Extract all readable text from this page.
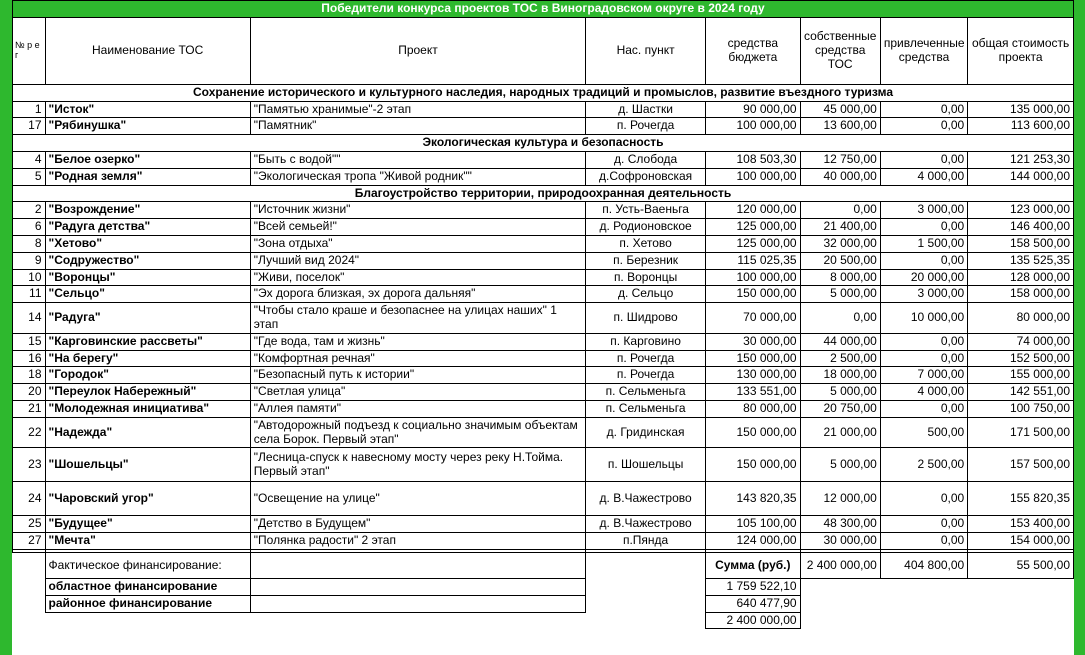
Победители конкурса проектов ТОС в Виноградовском округе в 2024 году							
№ р е г	Наименование ТОС	Проект	Нас. пункт	средства бюджета	собственные средства ТОС	привлеченные средства	общая стоимость проекта
Сохранение исторического и культурного наследия, народных традиций и промыслов, развитие въездного туризма							
1	"Исток"	"Памятью хранимые"-2 этап	д. Шастки	90 000,00	45 000,00	0,00	135 000,00
17	"Рябинушка"	"Памятник"	п. Рочегда	100 000,00	13 600,00	0,00	113 600,00
Экологическая культура и безопасность							
4	"Белое озерко"	"Быть с водой""	д. Слобода	108 503,30	12 750,00	0,00	121 253,30
5	"Родная земля"	"Экологическая тропа "Живой родник""	д.Софроновская	100 000,00	40 000,00	4 000,00	144 000,00
Благоустройство территории, природоохранная деятельность							
2	"Возрождение"	"Источник жизни"	п. Усть-Ваеньга	120 000,00	0,00	3 000,00	123 000,00
6	"Радуга детства"	"Всей семьей!"	д. Родионовское	125 000,00	21 400,00	0,00	146 400,00
8	"Хетово"	"Зона отдыха"	п. Хетово	125 000,00	32 000,00	1 500,00	158 500,00
9	"Содружество"	"Лучший вид 2024"	п. Березник	115 025,35	20 500,00	0,00	135 525,35
10	"Воронцы"	"Живи, поселок"	п. Воронцы	100 000,00	8 000,00	20 000,00	128 000,00
11	"Сельцо"	"Эх дорога близкая, эх дорога дальняя"	д. Сельцо	150 000,00	5 000,00	3 000,00	158 000,00
14	"Радуга"	"Чтобы стало краше и безопаснее на улицах наших" 1 этап	п. Шидрово	70 000,00	0,00	10 000,00	80 000,00
15	"Карговинские рассветы"	"Где вода, там и жизнь"	п. Карговино	30 000,00	44 000,00	0,00	74 000,00
16	"На берегу"	"Комфортная речная"	п. Рочегда	150 000,00	2 500,00	0,00	152 500,00
18	"Городок"	"Безопасный путь к истории"	п. Рочегда	130 000,00	18 000,00	7 000,00	155 000,00
20	"Переулок Набережный"	"Светлая улица"	п. Сельменьга	133 551,00	5 000,00	4 000,00	142 551,00
21	"Молодежная инициатива"	"Аллея памяти"	п. Сельменьга	80 000,00	20 750,00	0,00	100 750,00
22	"Надежда"	"Автодорожный подъезд к социально значимым объектам села Борок. Первый этап"	д. Гридинская	150 000,00	21 000,00	500,00	171 500,00
23	"Шошельцы"	"Лесница-спуск к навесному мосту через реку Н.Тойма. Первый этап"	п. Шошельцы	150 000,00	5 000,00	2 500,00	157 500,00
24	"Чаровский угор"	"Освещение на улице"	д. В.Чажестрово	143 820,35	12 000,00	0,00	155 820,35
25	"Будущее"	"Детство в Будущем"	д. В.Чажестрово	105 100,00	48 300,00	0,00	153 400,00
27	"Мечта"	"Полянка радости" 2 этап	п.Пянда	124 000,00	30 000,00	0,00	154 000,00

	Фактическое финансирование:			Сумма (руб.)	2 400 000,00	404 800,00	55 500,00
	областное финансирование			1 759 522,10			
	районное финансирование			640 477,90			
				2 400 000,00			
